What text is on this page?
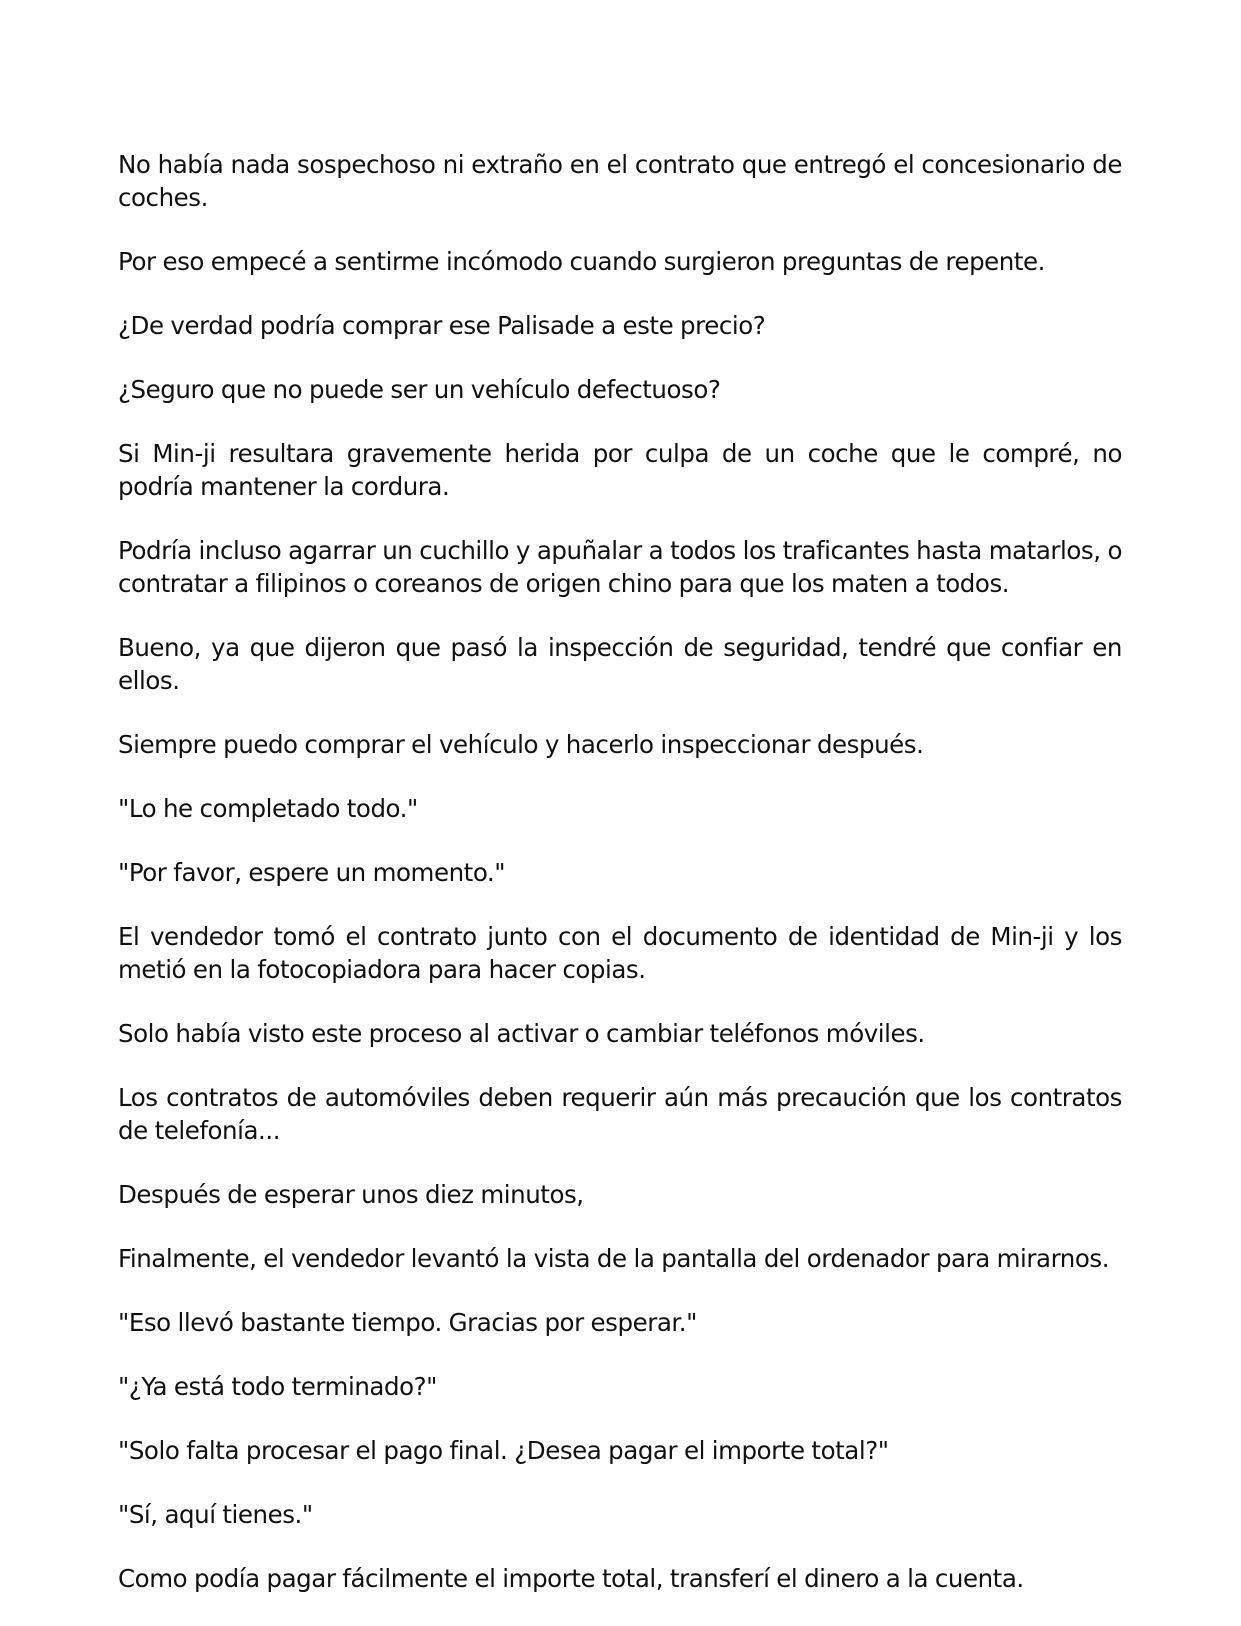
No había nada sospechoso ni extraño en el contrato que entregó el concesionario de coches.

Por eso empecé a sentirme incómodo cuando surgieron preguntas de repente.

¿De verdad podría comprar ese Palisade a este precio?

¿Seguro que no puede ser un vehículo defectuoso?

Si Min-ji resultara gravemente herida por culpa de un coche que le compré, no podría mantener la cordura.

Podría incluso agarrar un cuchillo y apuñalar a todos los traficantes hasta matarlos, o contratar a filipinos o coreanos de origen chino para que los maten a todos.

Bueno, ya que dijeron que pasó la inspección de seguridad, tendré que confiar en ellos.

Siempre puedo comprar el vehículo y hacerlo inspeccionar después.

"Lo he completado todo."

"Por favor, espere un momento."

El vendedor tomó el contrato junto con el documento de identidad de Min-ji y los metió en la fotocopiadora para hacer copias.

Solo había visto este proceso al activar o cambiar teléfonos móviles.

Los contratos de automóviles deben requerir aún más precaución que los contratos de telefonía...

Después de esperar unos diez minutos,

Finalmente, el vendedor levantó la vista de la pantalla del ordenador para mirarnos.

"Eso llevó bastante tiempo. Gracias por esperar."

"¿Ya está todo terminado?"

"Solo falta procesar el pago final. ¿Desea pagar el importe total?"

"Sí, aquí tienes."

Como podía pagar fácilmente el importe total, transferí el dinero a la cuenta.
